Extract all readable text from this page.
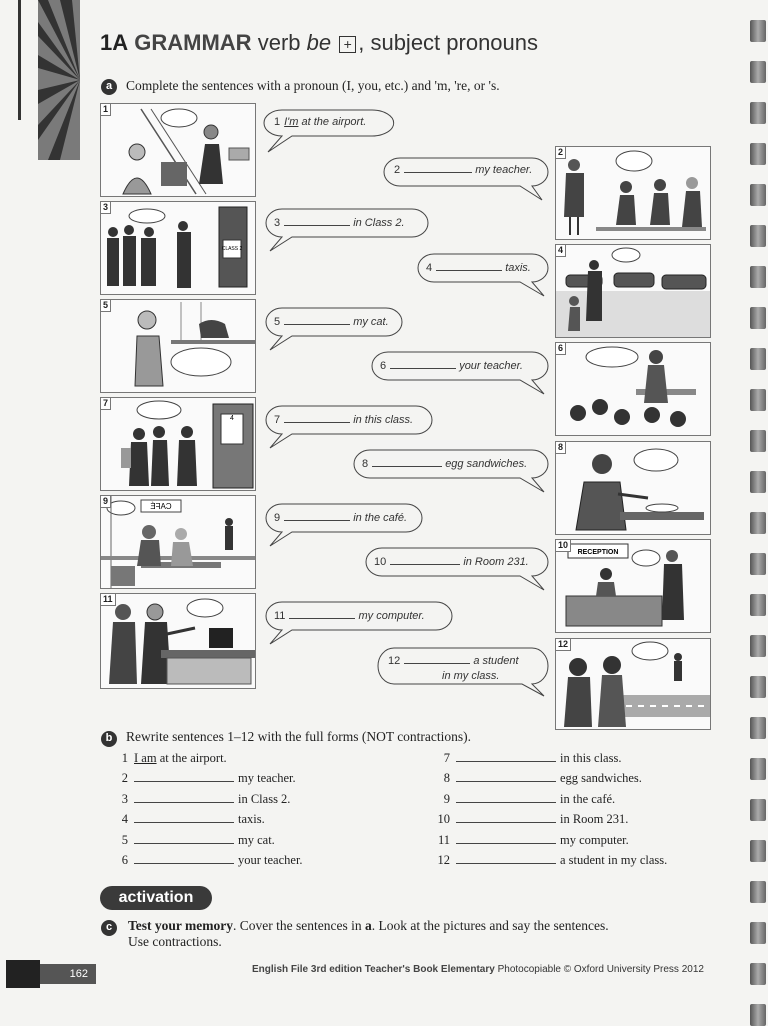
1A GRAMMAR verb be + , subject pronouns
a	Complete the sentences with a pronoun (I, you, etc.) and 'm, 're, or 's.
1
CLASS 2
3
5
4
7
CAFÉ
9
11
2
4
6
8
RECEPTION
10
12
1 I'm at the airport.
2	my teacher.
3	in Class 2.
4	taxis.
5	my cat.
6	your teacher.
7	in this class.
8	egg sandwiches.
9	in the café.
10	in Room 231.
11	my computer.
12	a student
in my class.
b	Rewrite sentences 1–12 with the full forms (NOT contractions).
1 I am at the airport.
2	my teacher.
3	in Class 2.
4	taxis.
5	my cat.
6	your teacher.
7	in this class.
8	egg sandwiches.
9	in the café.
10	in Room 231.
11	my computer.
12	a student in my class.
activation
c	Test your memory. Cover the sentences in a. Look at the pictures and say the sentences.
Use contractions.
162	English File 3rd edition Teacher's Book Elementary Photocopiable © Oxford University Press 2012
